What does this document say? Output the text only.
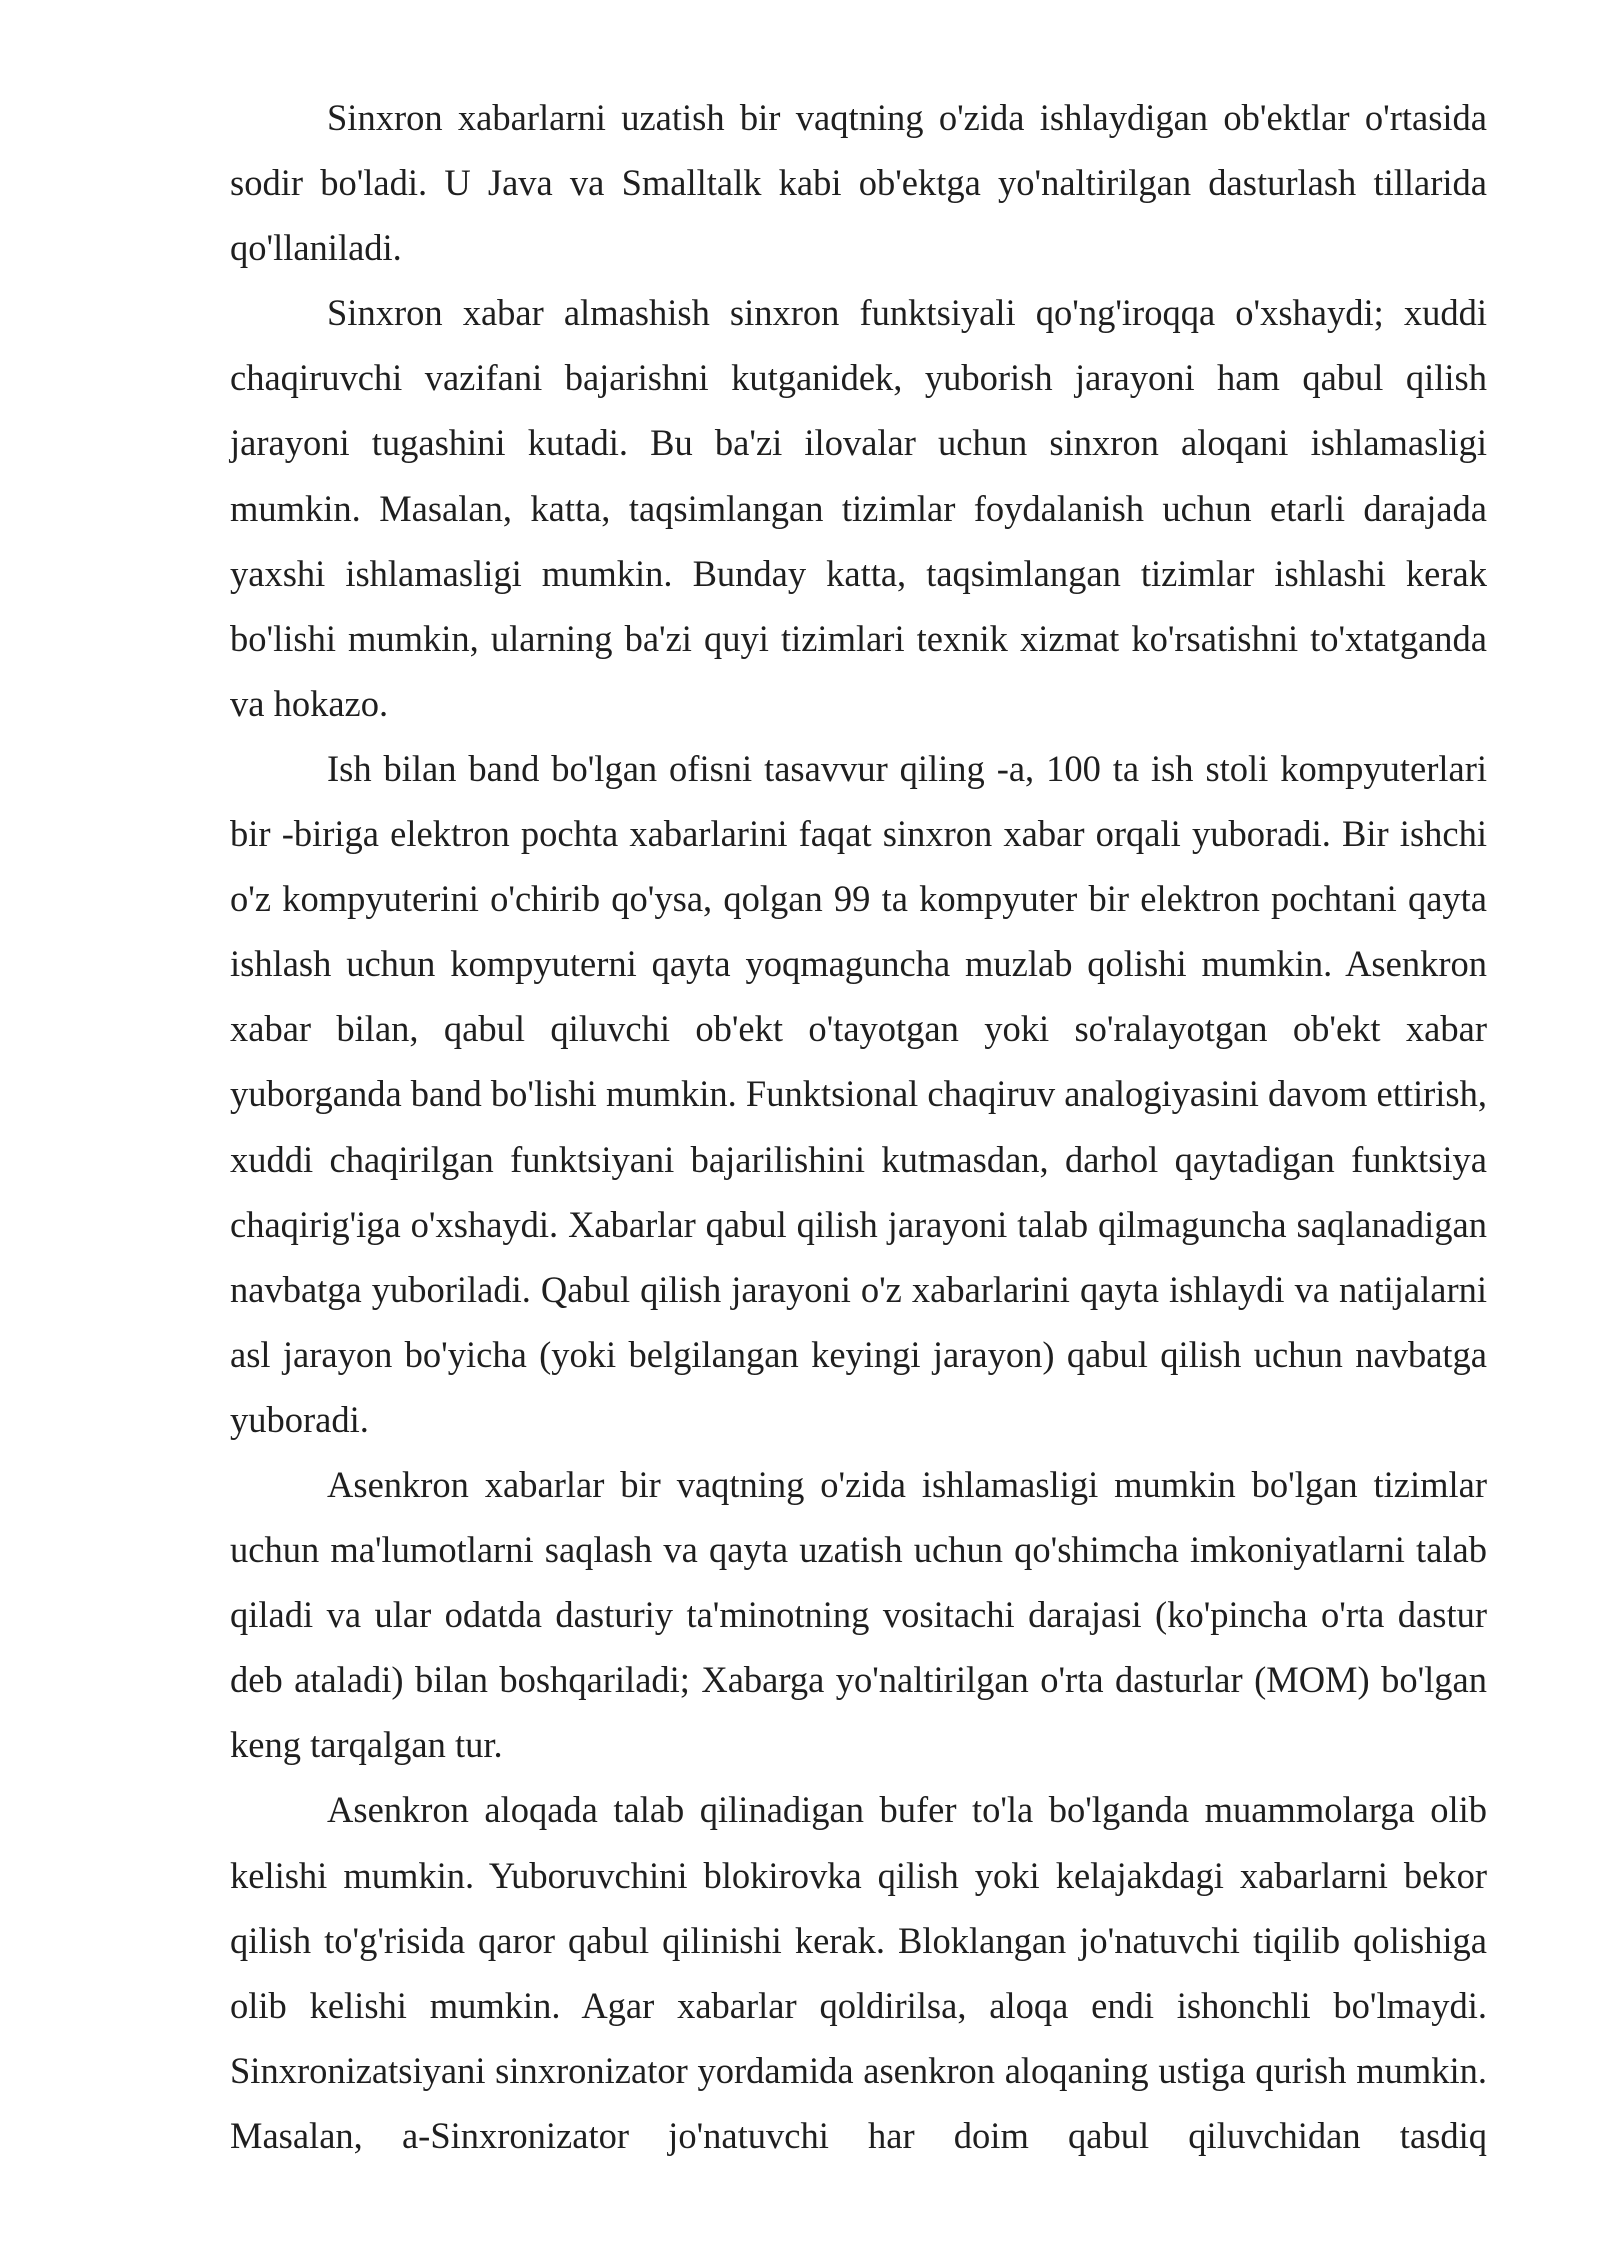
Sinxron xabarlarni uzatish bir vaqtning o'zida ishlaydigan ob'ektlar o'rtasida sodir bo'ladi. U Java va Smalltalk kabi ob'ektga yo'naltirilgan dasturlash tillarida qo'llaniladi.

Sinxron xabar almashish sinxron funktsiyali qo'ng'iroqqa o'xshaydi; xuddi chaqiruvchi vazifani bajarishni kutganidek, yuborish jarayoni ham qabul qilish jarayoni tugashini kutadi. Bu ba'zi ilovalar uchun sinxron aloqani ishlamasligi mumkin. Masalan, katta, taqsimlangan tizimlar foydalanish uchun etarli darajada yaxshi ishlamasligi mumkin. Bunday katta, taqsimlangan tizimlar ishlashi kerak bo'lishi mumkin, ularning ba'zi quyi tizimlari texnik xizmat ko'rsatishni to'xtatganda va hokazo.

Ish bilan band bo'lgan ofisni tasavvur qiling -a, 100 ta ish stoli kompyuterlari bir -biriga elektron pochta xabarlarini faqat sinxron xabar orqali yuboradi. Bir ishchi o'z kompyuterini o'chirib qo'ysa, qolgan 99 ta kompyuter bir elektron pochtani qayta ishlash uchun kompyuterni qayta yoqmaguncha muzlab qolishi mumkin. Asenkron xabar bilan, qabul qiluvchi ob'ekt o'tayotgan yoki so'ralayotgan ob'ekt xabar yuborganda band bo'lishi mumkin. Funktsional chaqiruv analogiyasini davom ettirish, xuddi chaqirilgan funktsiyani bajarilishini kutmasdan, darhol qaytadigan funktsiya chaqirig'iga o'xshaydi. Xabarlar qabul qilish jarayoni talab qilmaguncha saqlanadigan navbatga yuboriladi. Qabul qilish jarayoni o'z xabarlarini qayta ishlaydi va natijalarni asl jarayon bo'yicha (yoki belgilangan keyingi jarayon) qabul qilish uchun navbatga yuboradi.

Asenkron xabarlar bir vaqtning o'zida ishlamasligi mumkin bo'lgan tizimlar uchun ma'lumotlarni saqlash va qayta uzatish uchun qo'shimcha imkoniyatlarni talab qiladi va ular odatda dasturiy ta'minotning vositachi darajasi (ko'pincha o'rta dastur deb ataladi) bilan boshqariladi; Xabarga yo'naltirilgan o'rta dasturlar (MOM) bo'lgan keng tarqalgan tur.

Asenkron aloqada talab qilinadigan bufer to'la bo'lganda muammolarga olib kelishi mumkin. Yuboruvchini blokirovka qilish yoki kelajakdagi xabarlarni bekor qilish to'g'risida qaror qabul qilinishi kerak. Bloklangan jo'natuvchi tiqilib qolishiga olib kelishi mumkin. Agar xabarlar qoldirilsa, aloqa endi ishonchli bo'lmaydi. Sinxronizatsiyani sinxronizator yordamida asenkron aloqaning ustiga qurish mumkin. Masalan, a-Sinxronizator jo'natuvchi har doim qabul qiluvchidan tasdiq
